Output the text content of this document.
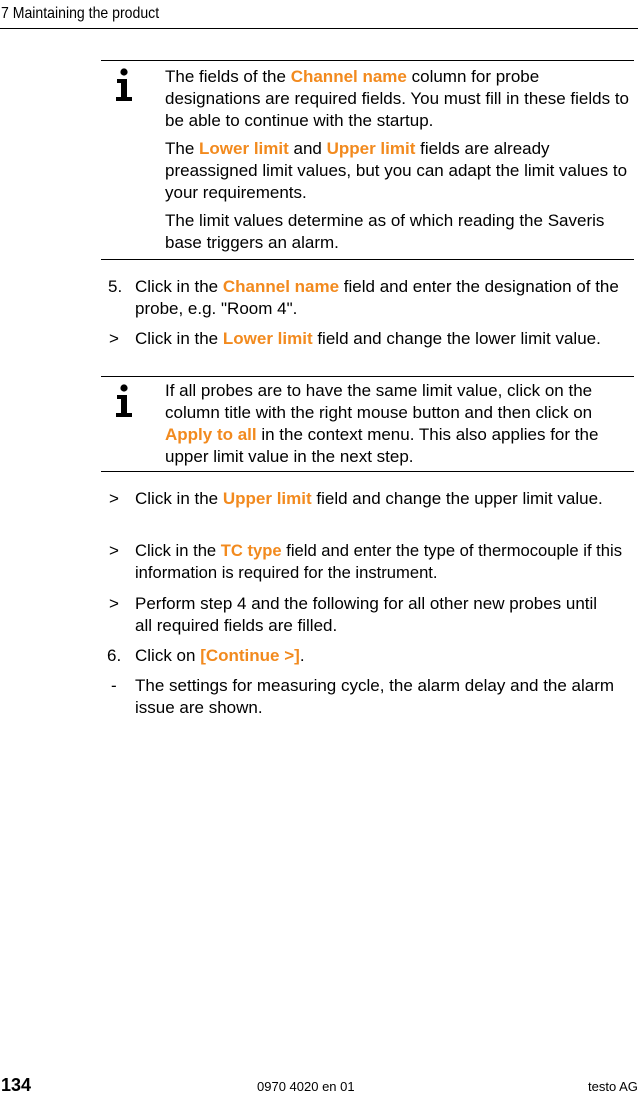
7 Maintaining the product
The fields of the Channel name column for probe designations are required fields. You must fill in these fields to be able to continue with the startup.
The Lower limit and Upper limit fields are already preassigned limit values, but you can adapt the limit values to your requirements.
The limit values determine as of which reading the Saveris base triggers an alarm.
5. Click in the Channel name field and enter the designation of the probe, e.g. "Room 4".
> Click in the Lower limit field and change the lower limit value.
If all probes are to have the same limit value, click on the column title with the right mouse button and then click on Apply to all in the context menu. This also applies for the upper limit value in the next step.
> Click in the Upper limit field and change the upper limit value.
> Click in the TC type field and enter the type of thermocouple if this information is required for the instrument.
> Perform step 4 and the following for all other new probes until all required fields are filled.
6. Click on [Continue >].
- The settings for measuring cycle, the alarm delay and the alarm issue are shown.
134	0970 4020 en 01	testo AG
